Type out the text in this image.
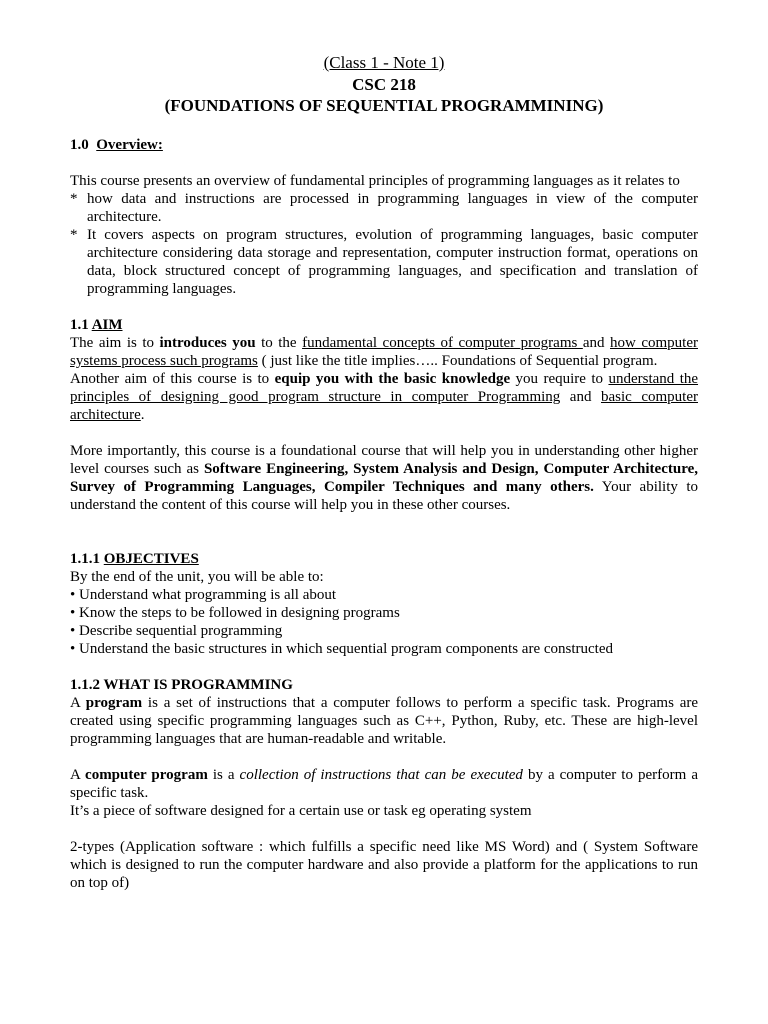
(Class 1 - Note 1)
CSC 218
(FOUNDATIONS OF SEQUENTIAL PROGRAMMINING)

1.0 Overview:

This course presents an overview of fundamental principles of programming languages as it relates to

* how data and instructions are processed in programming languages in view of the computer architecture.
* It covers aspects on program structures, evolution of programming languages, basic computer architecture considering data storage and representation, computer instruction format, operations on data, block structured concept of programming languages, and specification and translation of programming languages.

1.1 AIM

The aim is to introduces you to the fundamental concepts of computer programs and how computer systems process such programs ( just like the title implies….. Foundations of Sequential program.

Another aim of this course is to equip you with the basic knowledge you require to understand the principles of designing good program structure in computer Programming and basic computer architecture.

More importantly, this course is a foundational course that will help you in understanding other higher level courses such as Software Engineering, System Analysis and Design, Computer Architecture, Survey of Programming Languages, Compiler Techniques and many others. Your ability to understand the content of this course will help you in these other courses.

1.1.1 OBJECTIVES

By the end of the unit, you will be able to:

• Understand what programming is all about

• Know the steps to be followed in designing programs

• Describe sequential programming

• Understand the basic structures in which sequential program components are constructed

1.1.2 WHAT IS PROGRAMMING

A program is a set of instructions that a computer follows to perform a specific task. Programs are created using specific programming languages such as C++, Python, Ruby, etc. These are high-level programming languages that are human-readable and writable.

A computer program is a collection of instructions that can be executed by a computer to perform a specific task.

It’s a piece of software designed for a certain use or task eg operating system

2-types (Application software : which fulfills a specific need like MS Word) and ( System Software which is designed to run the computer hardware and also provide a platform for the applications to run on top of)
